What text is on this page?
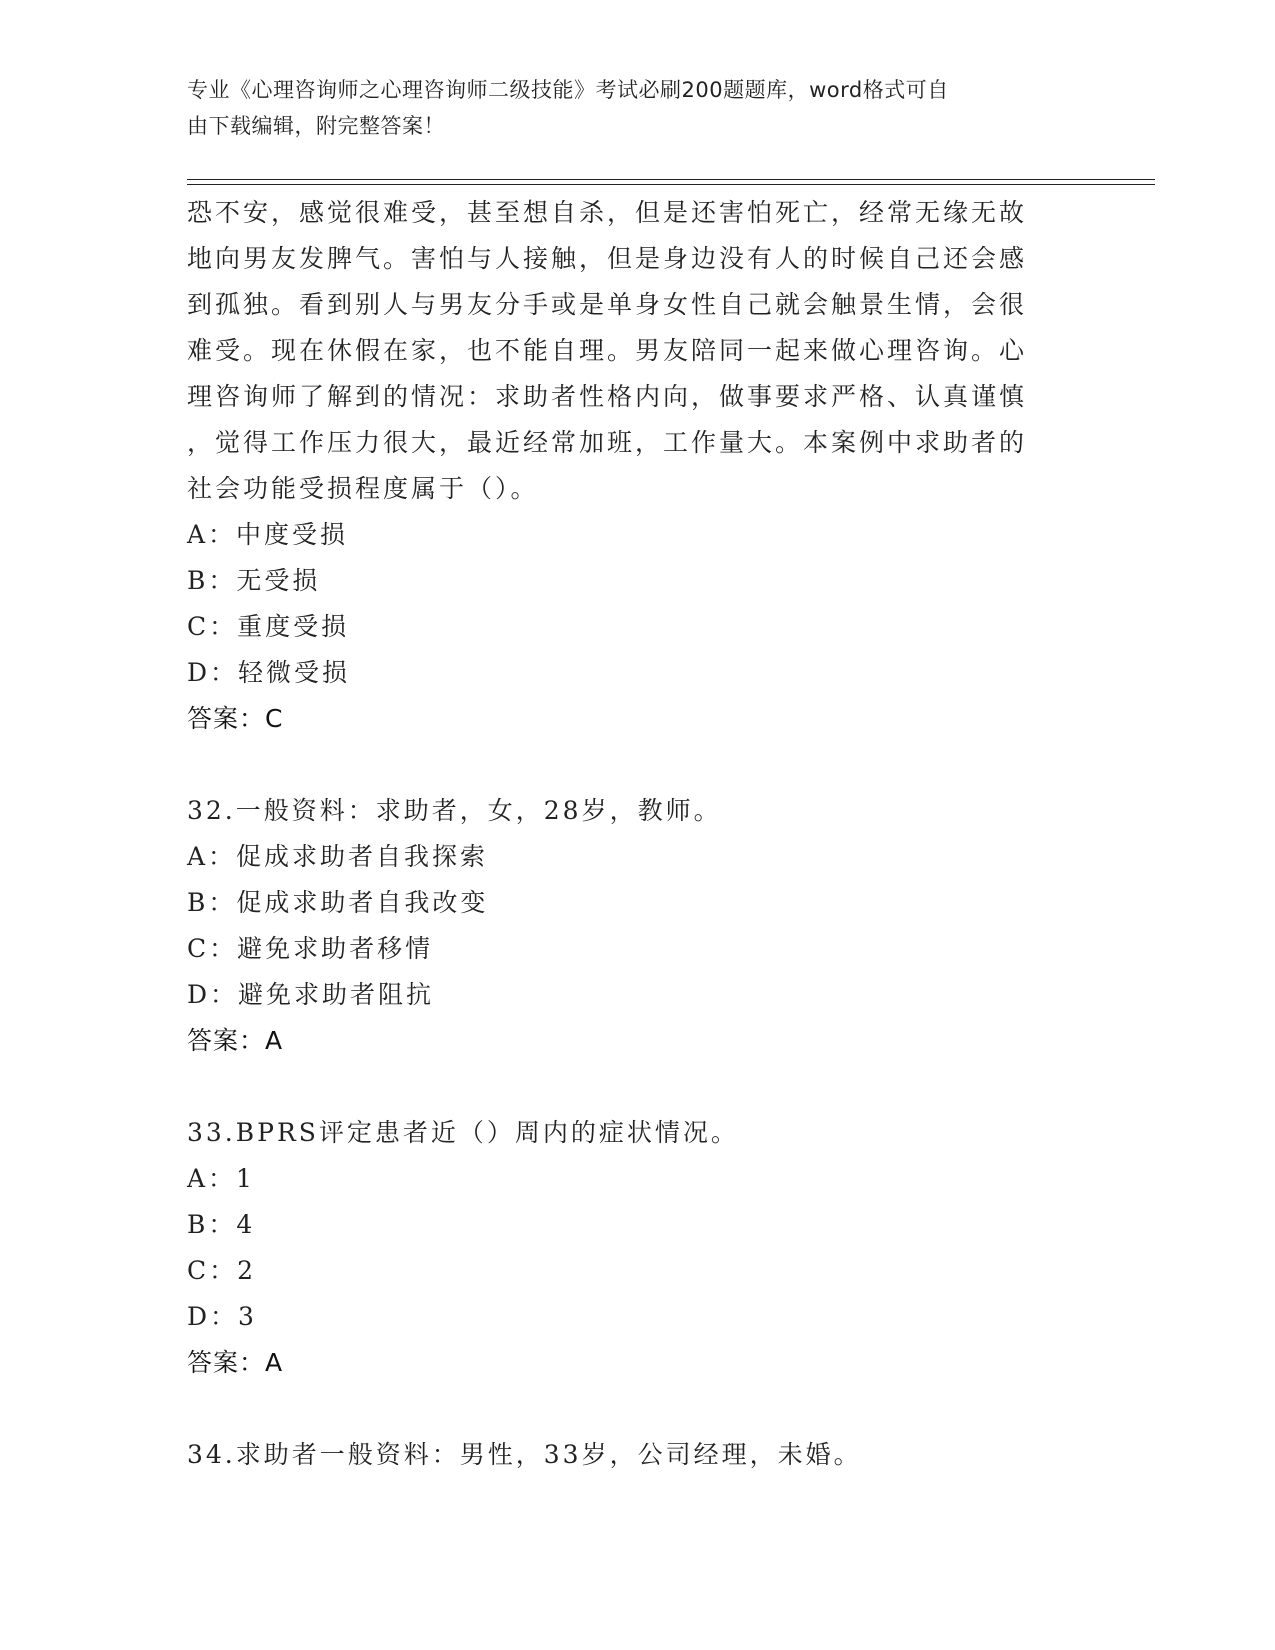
专业《心理咨询师之心理咨询师二级技能》考试必刷200题题库，word格式可自
由下载编辑，附完整答案！
恐不安，感觉很难受，甚至想自杀，但是还害怕死亡，经常无缘无故
地向男友发脾气。害怕与人接触，但是身边没有人的时候自己还会感
到孤独。看到别人与男友分手或是单身女性自己就会触景生情，会很
难受。现在休假在家，也不能自理。男友陪同一起来做心理咨询。心
理咨询师了解到的情况：求助者性格内向，做事要求严格、认真谨慎
，觉得工作压力很大，最近经常加班，工作量大。本案例中求助者的
社会功能受损程度属于（）。
A：中度受损
B：无受损
C：重度受损
D：轻微受损
答案：C
32.一般资料：求助者，女，28岁，教师。
A：促成求助者自我探索
B：促成求助者自我改变
C：避免求助者移情
D：避免求助者阻抗
答案：A
33.BPRS评定患者近（）周内的症状情况。
A：1
B：4
C：2
D：3
答案：A
34.求助者一般资料：男性，33岁，公司经理，未婚。
